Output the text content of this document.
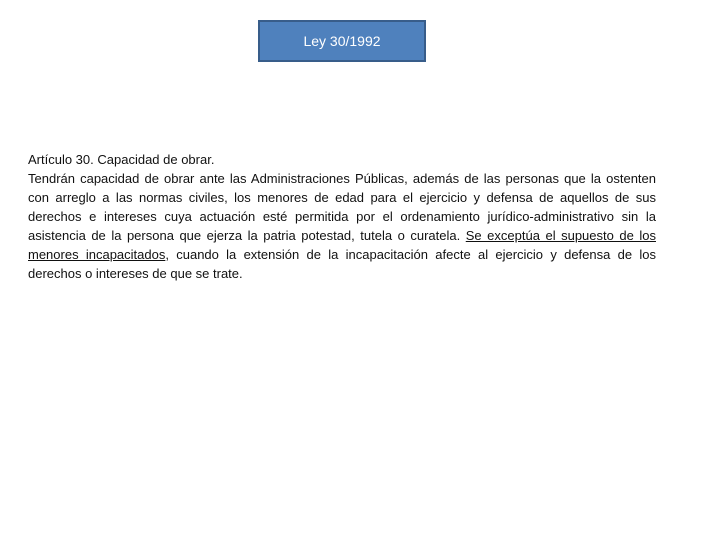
Ley 30/1992
Artículo 30. Capacidad de obrar.
Tendrán capacidad de obrar ante las Administraciones Públicas, además de las personas que la ostenten con arreglo a las normas civiles, los menores de edad para el ejercicio y defensa de aquellos de sus derechos e intereses cuya actuación esté permitida por el ordenamiento jurídico-administrativo sin la asistencia de la persona que ejerza la patria potestad, tutela o curatela. Se exceptúa el supuesto de los menores incapacitados, cuando la extensión de la incapacitación afecte al ejercicio y defensa de los derechos o intereses de que se trate.
